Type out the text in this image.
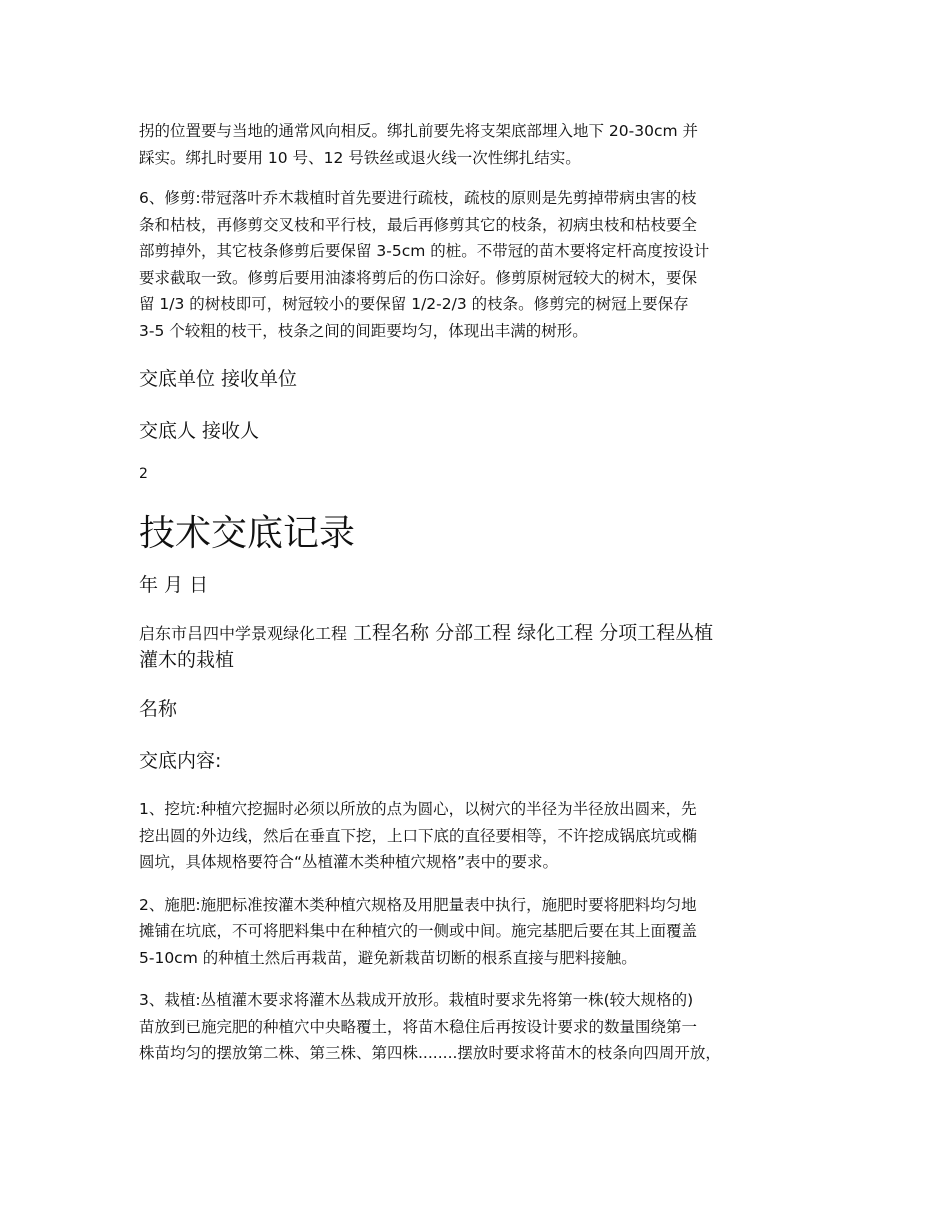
拐的位置要与当地的通常风向相反。绑扎前要先将支架底部埋入地下 20-30cm 并
踩实。绑扎时要用 10 号、12 号铁丝或退火线一次性绑扎结实。

6、修剪:带冠落叶乔木栽植时首先要进行疏枝，疏枝的原则是先剪掉带病虫害的枝
条和枯枝，再修剪交叉枝和平行枝，最后再修剪其它的枝条，初病虫枝和枯枝要全
部剪掉外，其它枝条修剪后要保留 3-5cm 的桩。不带冠的苗木要将定杆高度按设计
要求截取一致。修剪后要用油漆将剪后的伤口涂好。修剪原树冠较大的树木，要保
留 1/3 的树枝即可，树冠较小的要保留 1/2-2/3 的枝条。修剪完的树冠上要保存
3-5 个较粗的枝干，枝条之间的间距要均匀，体现出丰满的树形。

交底单位 接收单位

交底人 接收人

2

技术交底记录

年 月 日

启东市吕四中学景观绿化工程 工程名称 分部工程 绿化工程 分项工程丛植
灌木的栽植

名称

交底内容:

1、挖坑:种植穴挖掘时必须以所放的点为圆心，以树穴的半径为半径放出圆来，先
挖出圆的外边线，然后在垂直下挖，上口下底的直径要相等，不许挖成锅底坑或椭
圆坑，具体规格要符合“丛植灌木类种植穴规格”表中的要求。

2、施肥:施肥标准按灌木类种植穴规格及用肥量表中执行，施肥时要将肥料均匀地
摊铺在坑底，不可将肥料集中在种植穴的一侧或中间。施完基肥后要在其上面覆盖
5-10cm 的种植土然后再栽苗，避免新栽苗切断的根系直接与肥料接触。

3、栽植:丛植灌木要求将灌木丛栽成开放形。栽植时要求先将第一株(较大规格的)
苗放到已施完肥的种植穴中央略覆土，将苗木稳住后再按设计要求的数量围绕第一
株苗均匀的摆放第二株、第三株、第四株........摆放时要求将苗木的枝条向四周开放，
